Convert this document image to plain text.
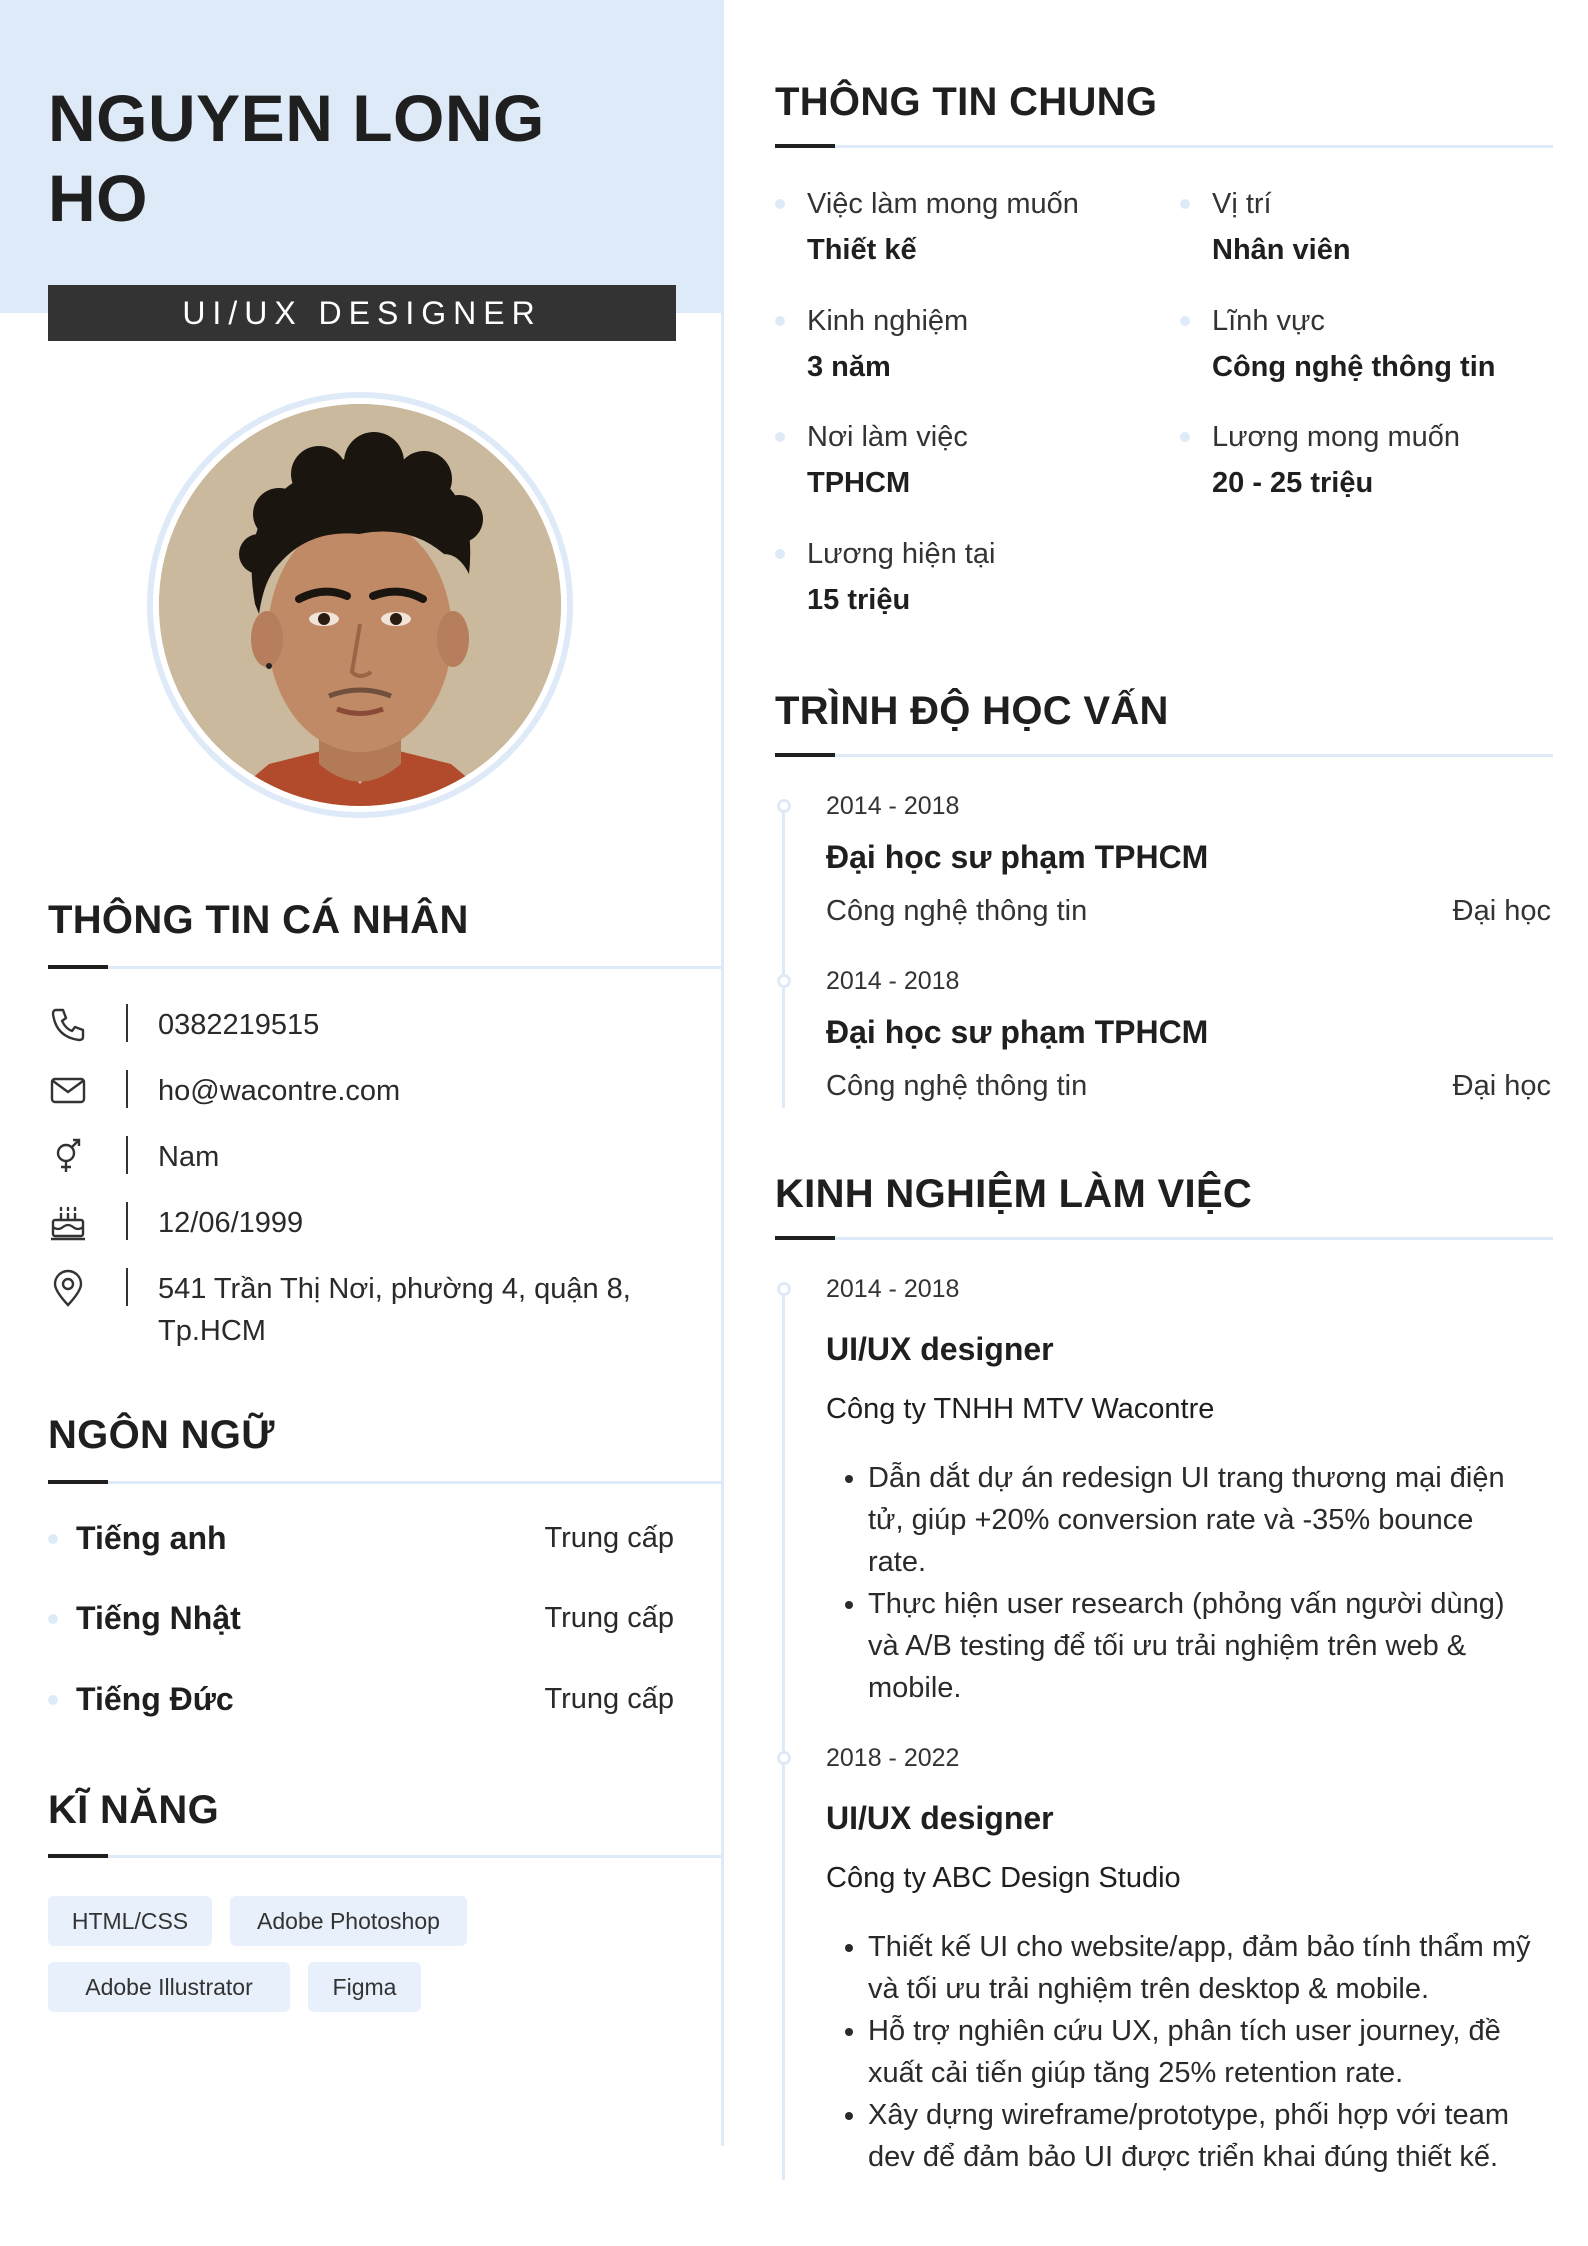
NGUYEN LONG
HO
UI/UX DESIGNER
THÔNG TIN CÁ NHÂN
0382219515
ho@wacontre.com
Nam
12/06/1999
541 Trần Thị Nơi, phường 4, quận 8,
Tp.HCM
NGÔN NGỮ
Tiếng anh	Trung cấp
Tiếng Nhật	Trung cấp
Tiếng Đức	Trung cấp
KĨ NĂNG
HTML/CSS	Adobe Photoshop
Adobe Illustrator	Figma
THÔNG TIN CHUNG
Việc làm mong muốn
Thiết kế
Vị trí
Nhân viên
Kinh nghiệm
3 năm
Lĩnh vực
Công nghệ thông tin
Nơi làm việc
TPHCM
Lương mong muốn
20 - 25 triệu
Lương hiện tại
15 triệu
TRÌNH ĐỘ HỌC VẤN
2014 - 2018
Đại học sư phạm TPHCM
Công nghệ thông tin	Đại học
2014 - 2018
Đại học sư phạm TPHCM
Công nghệ thông tin	Đại học
KINH NGHIỆM LÀM VIỆC
2014 - 2018
UI/UX designer
Công ty TNHH MTV Wacontre
• Dẫn dắt dự án redesign UI trang thương mại điện tử, giúp +20% conversion rate và -35% bounce rate.
• Thực hiện user research (phỏng vấn người dùng) và A/B testing để tối ưu trải nghiệm trên web & mobile.
2018 - 2022
UI/UX designer
Công ty ABC Design Studio
• Thiết kế UI cho website/app, đảm bảo tính thẩm mỹ và tối ưu trải nghiệm trên desktop & mobile.
• Hỗ trợ nghiên cứu UX, phân tích user journey, đề xuất cải tiến giúp tăng 25% retention rate.
• Xây dựng wireframe/prototype, phối hợp với team dev để đảm bảo UI được triển khai đúng thiết kế.
